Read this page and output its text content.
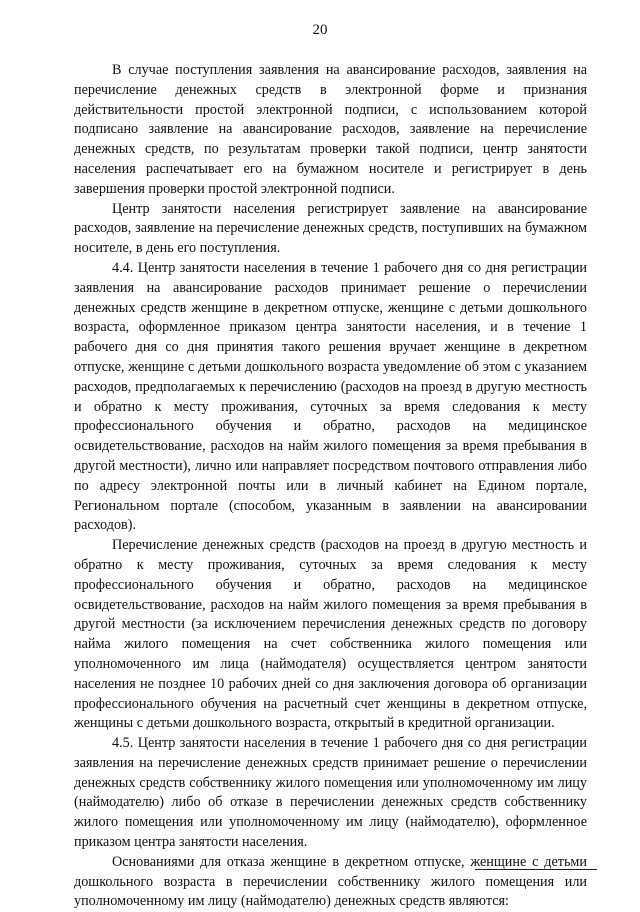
20

В случае поступления заявления на авансирование расходов, заявления на перечисление денежных средств в электронной форме и признания действительности простой электронной подписи, с использованием которой подписано заявление на авансирование расходов, заявление на перечисление денежных средств, по результатам проверки такой подписи, центр занятости населения распечатывает его на бумажном носителе и регистрирует в день завершения проверки простой электронной подписи.

Центр занятости населения регистрирует заявление на авансирование расходов, заявление на перечисление денежных средств, поступивших на бумажном носителе, в день его поступления.

4.4. Центр занятости населения в течение 1 рабочего дня со дня регистрации заявления на авансирование расходов принимает решение о перечислении денежных средств женщине в декретном отпуске, женщине с детьми дошкольного возраста, оформленное приказом центра занятости населения, и в течение 1 рабочего дня со дня принятия такого решения вручает женщине в декретном отпуске, женщине с детьми дошкольного возраста уведомление об этом с указанием расходов, предполагаемых к перечислению (расходов на проезд в другую местность и обратно к месту проживания, суточных за время следования к месту профессионального обучения и обратно, расходов на медицинское освидетельствование, расходов на найм жилого помещения за время пребывания в другой местности), лично или направляет посредством почтового отправления либо по адресу электронной почты или в личный кабинет на Едином портале, Региональном портале (способом, указанным в заявлении на авансировании расходов).

Перечисление денежных средств (расходов на проезд в другую местность и обратно к месту проживания, суточных за время следования к месту профессионального обучения и обратно, расходов на медицинское освидетельствование, расходов на найм жилого помещения за время пребывания в другой местности (за исключением перечисления денежных средств по договору найма жилого помещения на счет собственника жилого помещения или уполномоченного им лица (наймодателя) осуществляется центром занятости населения не позднее 10 рабочих дней со дня заключения договора об организации профессионального обучения на расчетный счет женщины в декретном отпуске, женщины с детьми дошкольного возраста, открытый в кредитной организации.

4.5. Центр занятости населения в течение 1 рабочего дня со дня регистрации заявления на перечисление денежных средств принимает решение о перечислении денежных средств собственнику жилого помещения или уполномоченному им лицу (наймодателю) либо об отказе в перечислении денежных средств собственнику жилого помещения или уполномоченному им лицу (наймодателю), оформленное приказом центра занятости населения.

Основаниями для отказа женщине в декретном отпуске, женщине с детьми дошкольного возраста в перечислении собственнику жилого помещения или уполномоченному им лицу (наймодателю) денежных средств являются:
